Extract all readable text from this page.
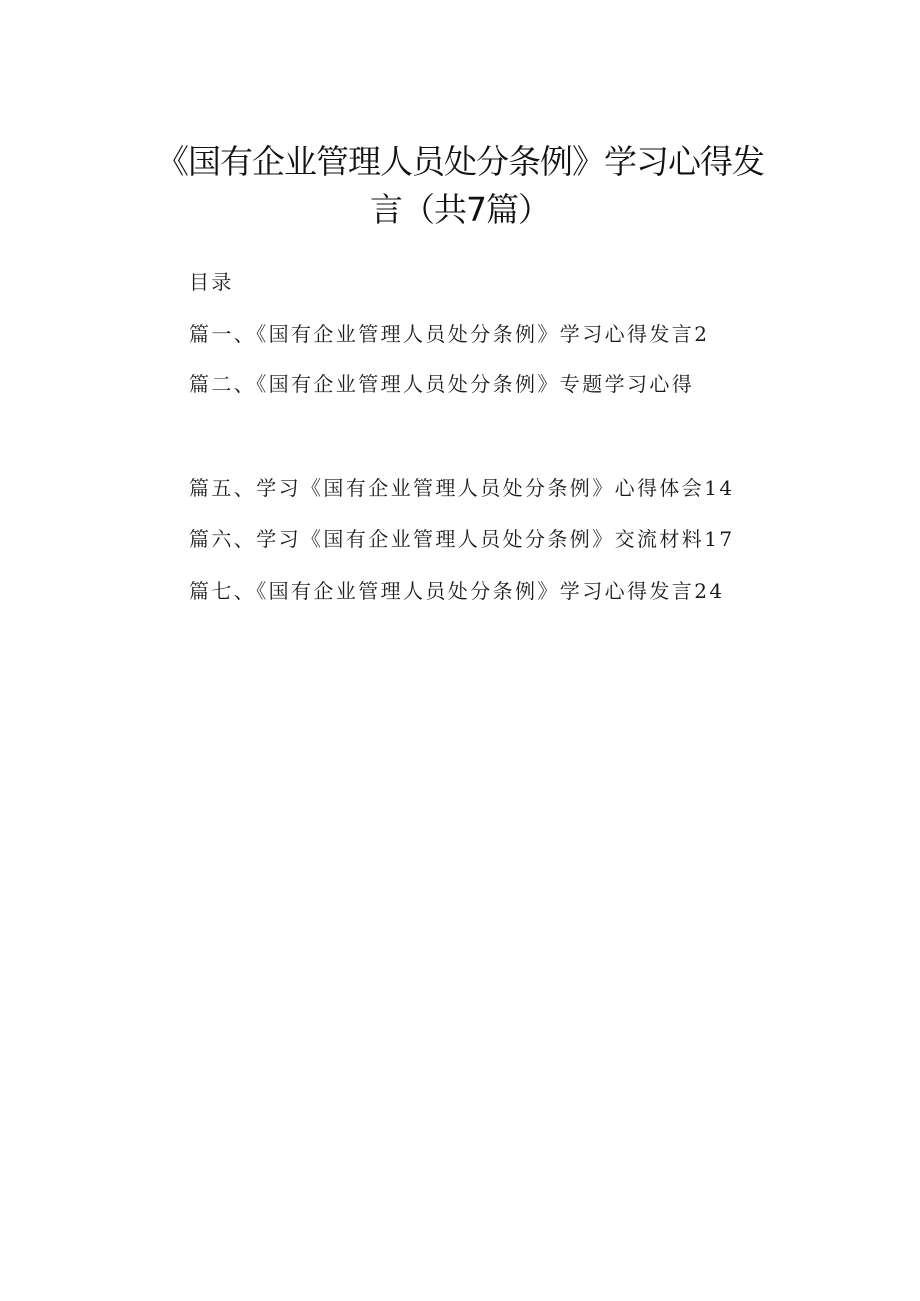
《国有企业管理人员处分条例》学习心得发
言（共7篇）
目录
篇一、《国有企业管理人员处分条例》学习心得发言2
篇二、《国有企业管理人员处分条例》专题学习心得
篇五、学习《国有企业管理人员处分条例》心得体会14
篇六、学习《国有企业管理人员处分条例》交流材料17
篇七、《国有企业管理人员处分条例》学习心得发言24
